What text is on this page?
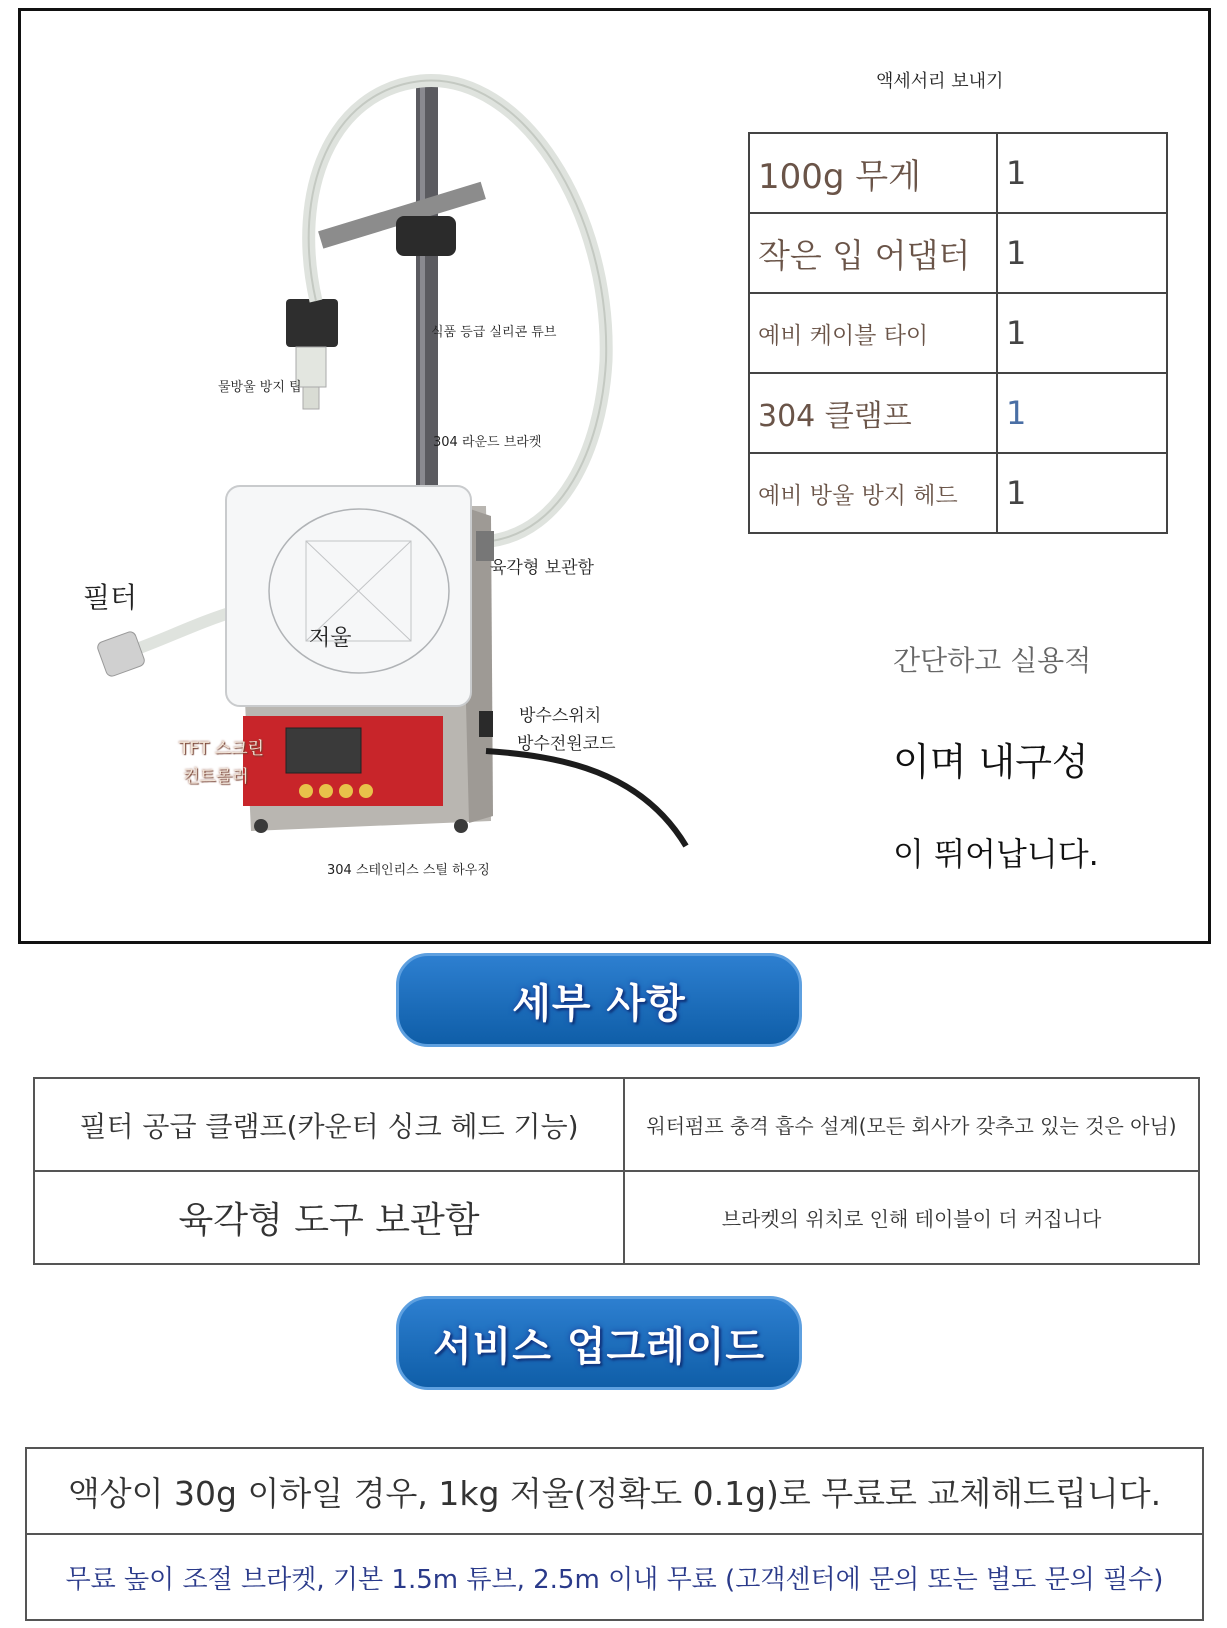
식품 등급 실리콘 튜브
물방울 방지 팁
304 라운드 브라켓
육각형 보관함
필터
저울
방수스위치
방수전원코드
TFT 스크린
컨트롤러
304 스테인리스 스틸 하우징
액세서리 보내기
100g 무게	1
작은 입 어댑터	1
예비 케이블 타이	1
304 클램프	1
예비 방울 방지 헤드	1
간단하고 실용적
이며 내구성
이 뛰어납니다.
세부 사항
필터 공급 클램프(카운터 싱크 헤드 기능)	워터펌프 충격 흡수 설계(모든 회사가 갖추고 있는 것은 아님)
육각형 도구 보관함	브라켓의 위치로 인해 테이블이 더 커집니다
서비스 업그레이드
액상이 30g 이하일 경우, 1kg 저울(정확도 0.1g)로 무료로 교체해드립니다.
무료 높이 조절 브라켓, 기본 1.5m 튜브, 2.5m 이내 무료 (고객센터에 문의 또는 별도 문의 필수)
